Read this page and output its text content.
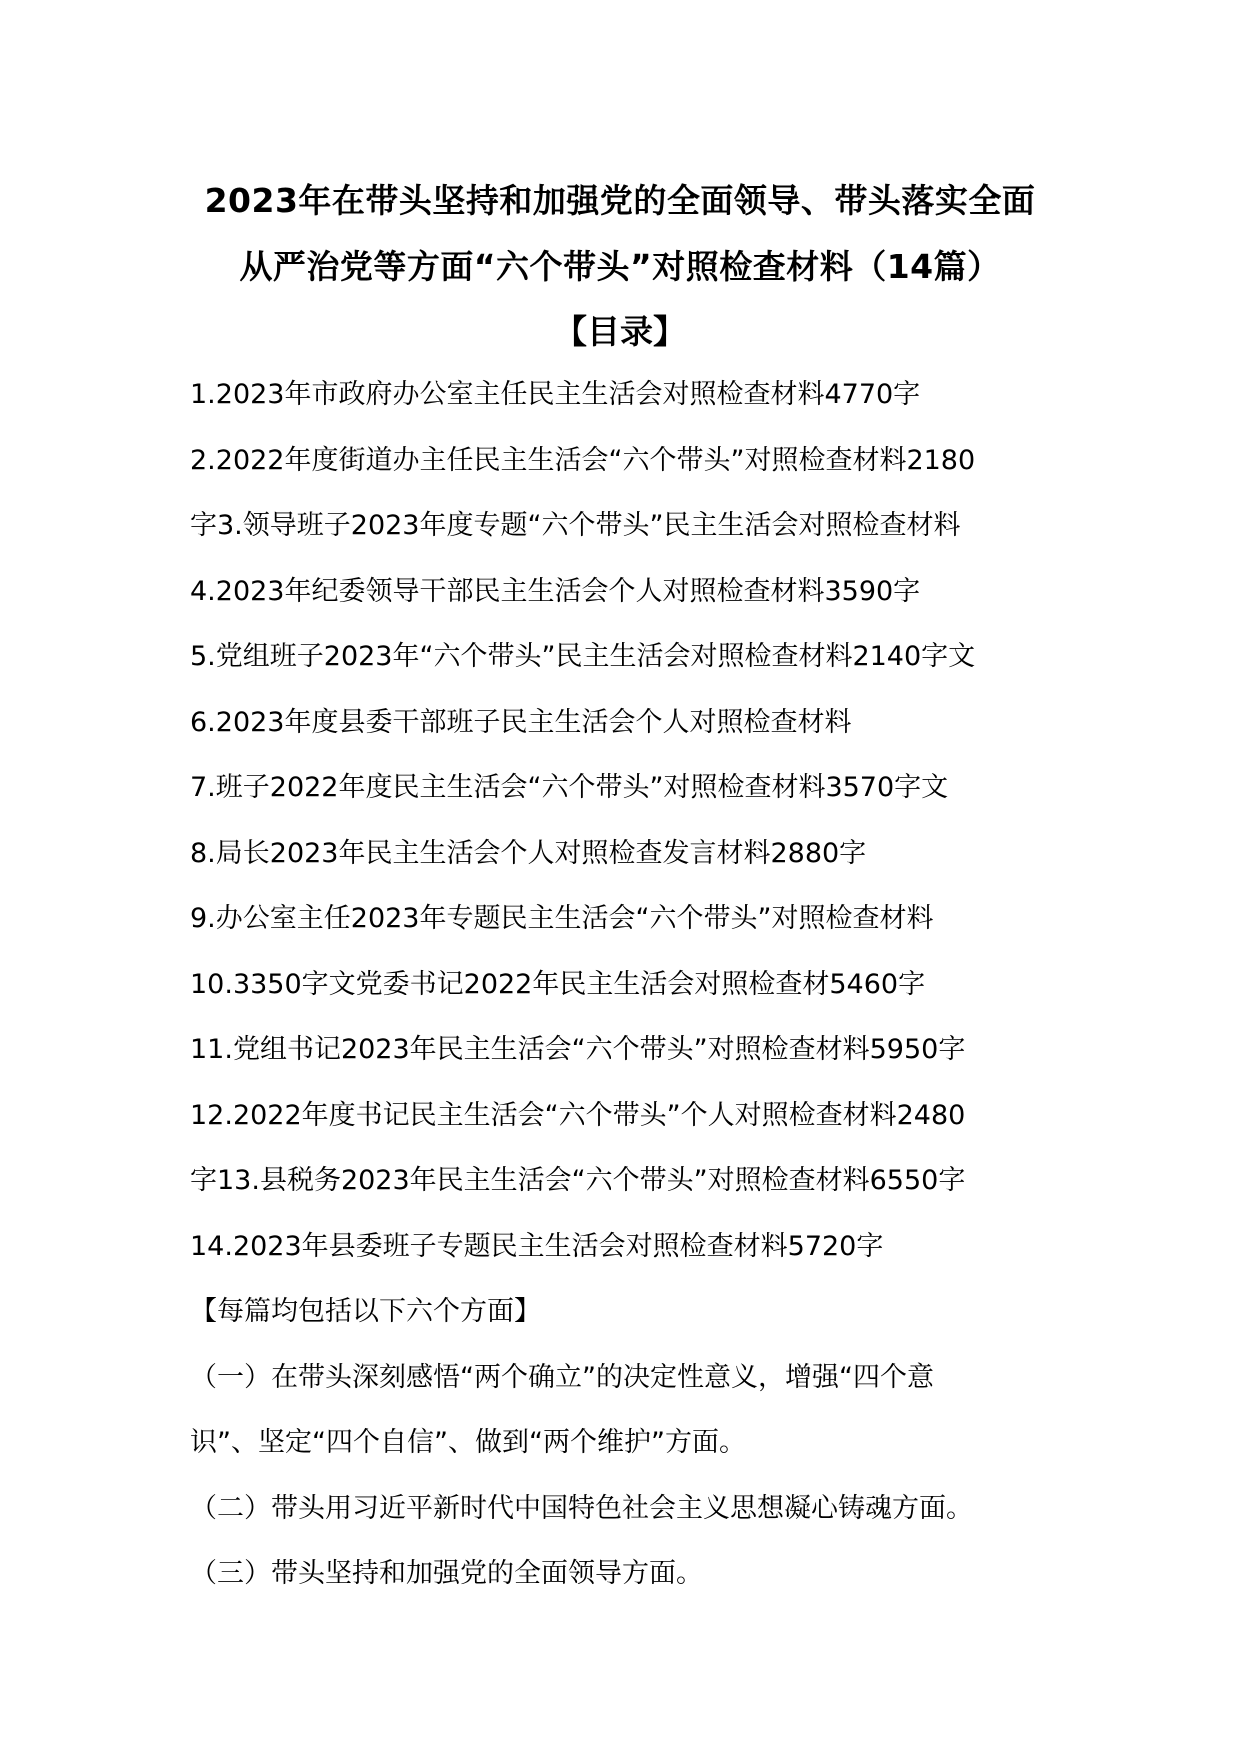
2023年在带头坚持和加强党的全面领导、带头落实全面
从严治党等方面“六个带头”对照检查材料（14篇）
【目录】
1.2023年市政府办公室主任民主生活会对照检查材料4770字
2.2022年度街道办主任民主生活会“六个带头”对照检查材料2180
字3.领导班子2023年度专题“六个带头”民主生活会对照检查材料
4.2023年纪委领导干部民主生活会个人对照检查材料3590字
5.党组班子2023年“六个带头”民主生活会对照检查材料2140字文
6.2023年度县委干部班子民主生活会个人对照检查材料
7.班子2022年度民主生活会“六个带头”对照检查材料3570字文
8.局长2023年民主生活会个人对照检查发言材料2880字
9.办公室主任2023年专题民主生活会“六个带头”对照检查材料
10.3350字文党委书记2022年民主生活会对照检查材5460字
11.党组书记2023年民主生活会“六个带头”对照检查材料5950字
12.2022年度书记民主生活会“六个带头”个人对照检查材料2480
字13.县税务2023年民主生活会“六个带头”对照检查材料6550字
14.2023年县委班子专题民主生活会对照检查材料5720字
【每篇均包括以下六个方面】
（一）在带头深刻感悟“两个确立”的决定性意义，增强“四个意
识”、坚定“四个自信”、做到“两个维护”方面。
（二）带头用习近平新时代中国特色社会主义思想凝心铸魂方面。
（三）带头坚持和加强党的全面领导方面。
